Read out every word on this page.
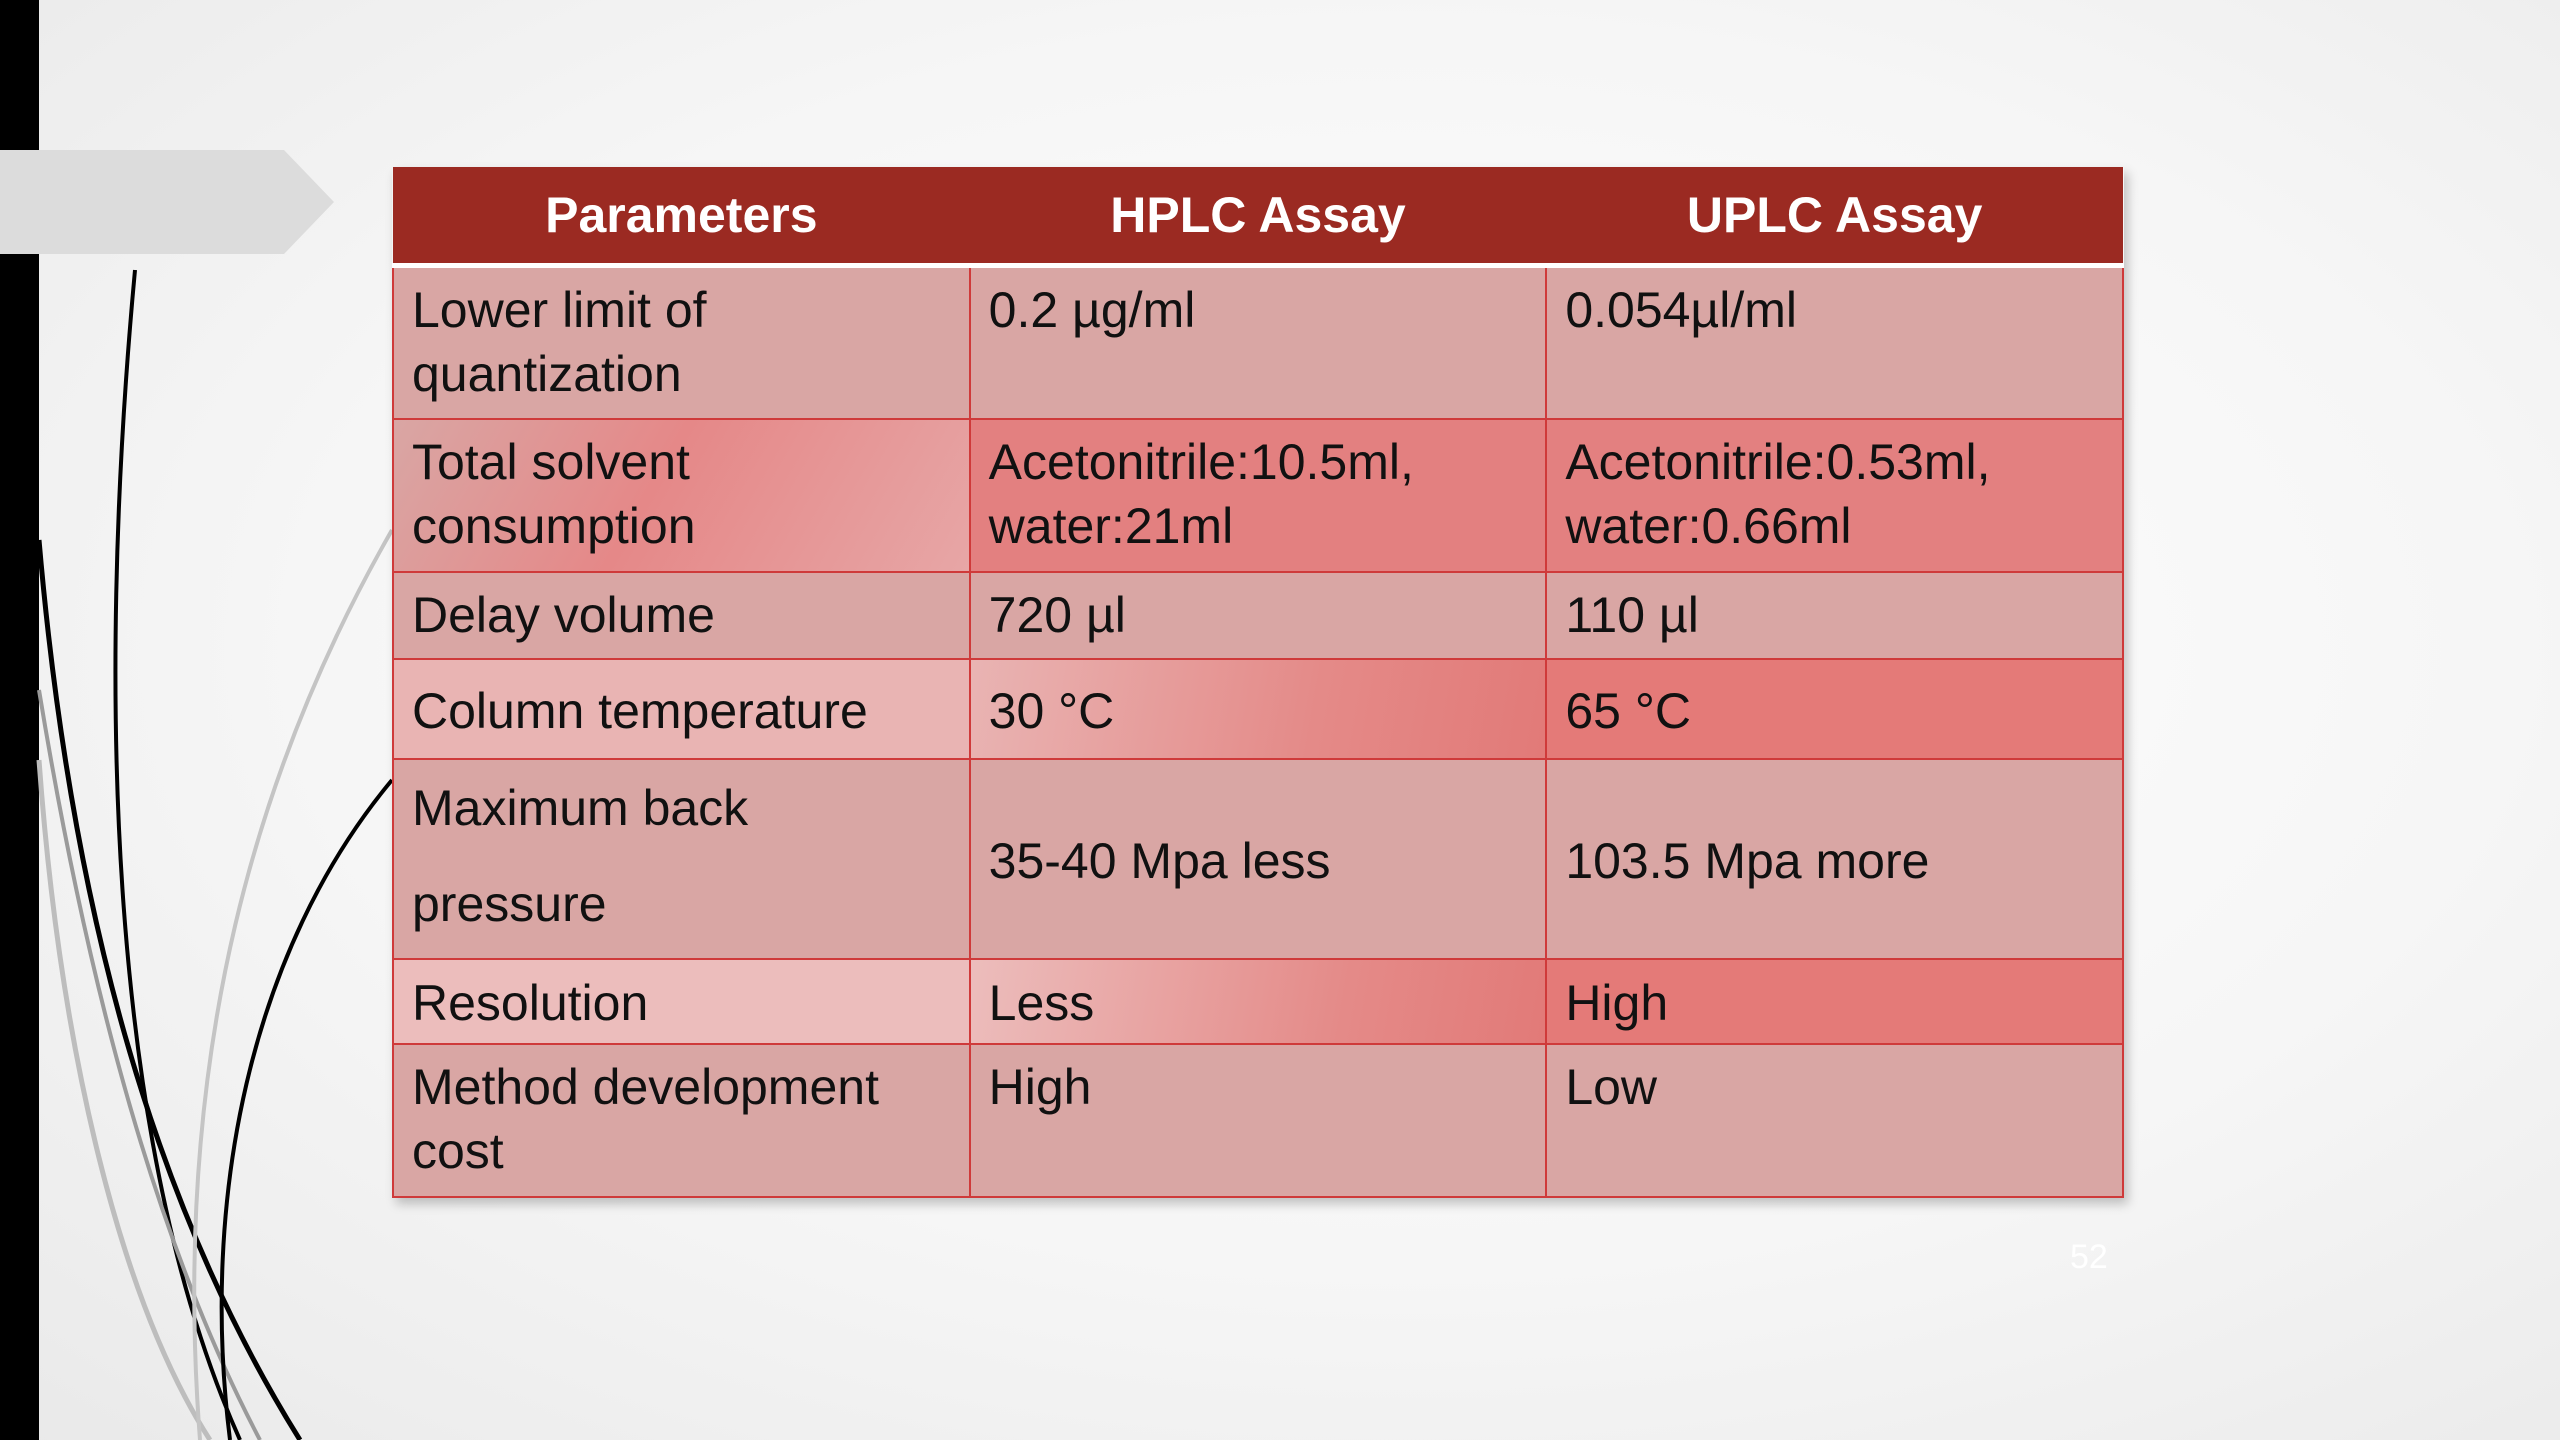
Parameters	HPLC Assay	UPLC Assay
Lower limit of quantization	0.2 µg/ml	0.054µl/ml
Total solvent consumption	Acetonitrile:10.5ml, water:21ml	Acetonitrile:0.53ml, water:0.66ml
Delay volume	720 µl	110 µl
Column temperature	30 °C	65 °C
Maximum back pressure	35-40 Mpa less	103.5 Mpa more
Resolution	Less	High
Method development cost	High	Low
52
